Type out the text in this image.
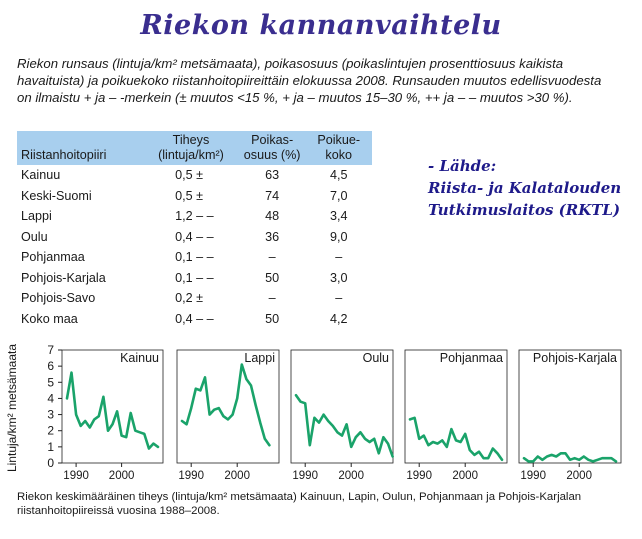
Riekon kannanvaihtelu
Riekon runsaus (lintuja/km² metsämaata), poikasosuus (poikaslintujen prosenttiosuus kaikista havaituista) ja poikuekoko riistanhoitopiireittäin elokuussa 2008. Runsauden muutos edellisvuodesta on ilmaistu + ja – -merkein (± muutos <15 %, + ja – muutos 15–30 %, ++ ja – – muutos >30 %).
Riistanhoitopiiri	Tiheys (lintuja/km²)	Poikas-osuus (%)	Poikue-koko
Kainuu	0,5 ±	63	4,5
Keski-Suomi	0,5 ±	74	7,0
Lappi	1,2 – –	48	3,4
Oulu	0,4 – –	36	9,0
Pohjanmaa	0,1 – –	–	–
Pohjois-Karjala	0,1 – –	50	3,0
Pohjois-Savo	0,2 ±	–	–
Koko maa	0,4 – –	50	4,2
- Lähde:
Riista- ja Kalatalouden
Tutkimuslaitos (RKTL)
Lintuja/km² metsämaata 0
1
2
3
4
5
6
7
Kainuu
1990 2000
Lappi
1990 2000
Oulu
1990 2000
Pohjanmaa
1990 2000
Pohjois-Karjala
1990 2000
Riekon keskimääräinen tiheys (lintuja/km² metsämaata) Kainuun, Lapin, Oulun, Pohjanmaan ja Pohjois-Karjalan riistanhoitopiireissä vuosina 1988–2008.
